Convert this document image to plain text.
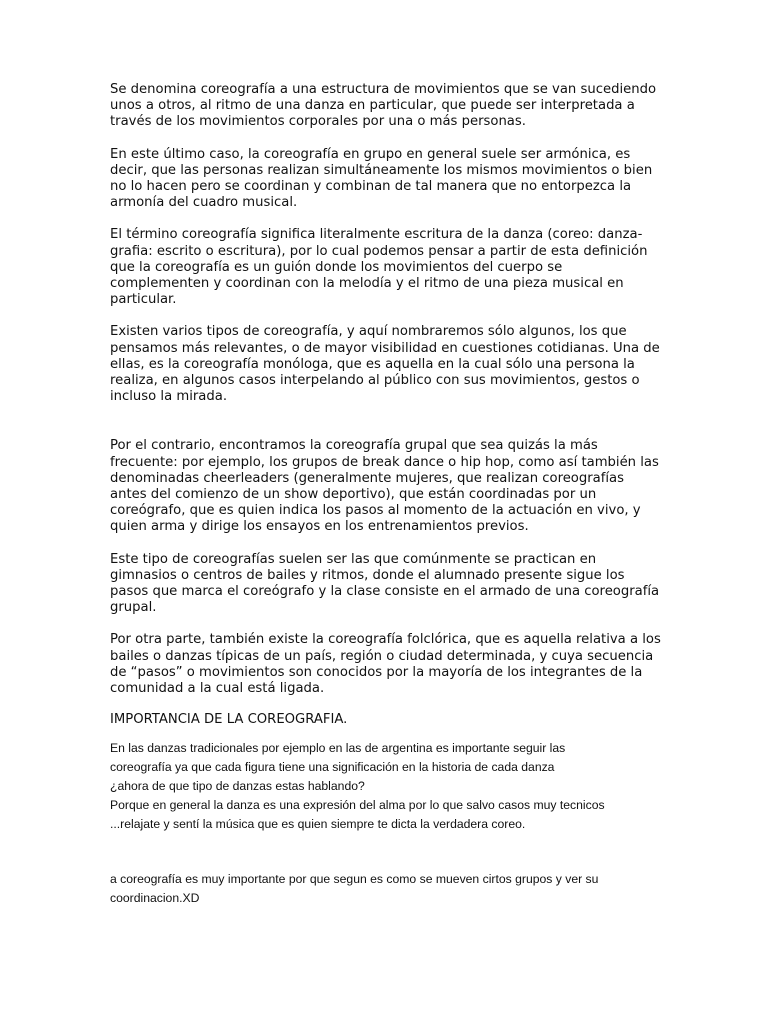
Se denomina coreografía a una estructura de movimientos que se van sucediendo unos a otros, al ritmo de una danza en particular, que puede ser interpretada a través de los movimientos corporales por una o más personas.

En este último caso, la coreografía en grupo en general suele ser armónica, es decir, que las personas realizan simultáneamente los mismos movimientos o bien no lo hacen pero se coordinan y combinan de tal manera que no entorpezca la armonía del cuadro musical.

El término coreografía significa literalmente escritura de la danza (coreo: danza-grafia: escrito o escritura), por lo cual podemos pensar a partir de esta definición que la coreografía es un guión donde los movimientos del cuerpo se complementen y coordinan con la melodía y el ritmo de una pieza musical en particular.

Existen varios tipos de coreografía, y aquí nombraremos sólo algunos, los que pensamos más relevantes, o de mayor visibilidad en cuestiones cotidianas. Una de ellas, es la coreografía monóloga, que es aquella en la cual sólo una persona la realiza, en algunos casos interpelando al público con sus movimientos, gestos o incluso la mirada.

Por el contrario, encontramos la coreografía grupal que sea quizás la más frecuente: por ejemplo, los grupos de break dance o hip hop, como así también las denominadas cheerleaders (generalmente mujeres, que realizan coreografías antes del comienzo de un show deportivo), que están coordinadas por un coreógrafo, que es quien indica los pasos al momento de la actuación en vivo, y quien arma y dirige los ensayos en los entrenamientos previos.

Este tipo de coreografías suelen ser las que comúnmente se practican en gimnasios o centros de bailes y ritmos, donde el alumnado presente sigue los pasos que marca el coreógrafo y la clase consiste en el armado de una coreografía grupal.

Por otra parte, también existe la coreografía folclórica, que es aquella relativa a los bailes o danzas típicas de un país, región o ciudad determinada, y cuya secuencia de “pasos” o movimientos son conocidos por la mayoría de los integrantes de la comunidad a la cual está ligada.

IMPORTANCIA DE LA COREOGRAFIA.

En las danzas tradicionales por ejemplo en las de argentina es importante seguir las

coreografía ya que cada figura tiene una significación en la historia de cada danza

¿ahora de que tipo de danzas estas hablando?

Porque en general la danza es una expresión del alma por lo que salvo casos muy tecnicos

...relajate y sentí la música que es quien siempre te dicta la verdadera coreo.

a coreografía es muy importante por que segun es como se mueven cirtos grupos y ver su coordinacion.XD
